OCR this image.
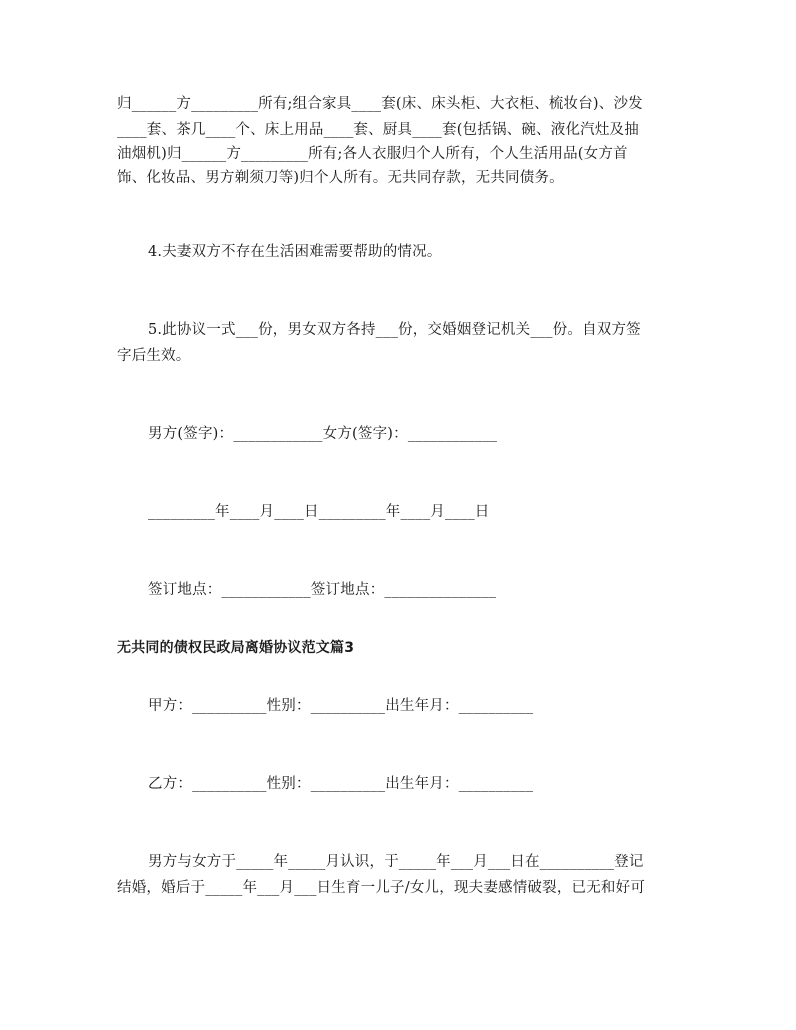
归______方_________所有;组合家具____套(床、床头柜、大衣柜、梳妆台)、沙发
____套、茶几____个、床上用品____套、厨具____套(包括锅、碗、液化汽灶及抽
油烟机)归______方_________所有;各人衣服归个人所有，个人生活用品(女方首
饰、化妆品、男方剃须刀等)归个人所有。无共同存款，无共同债务。
4.夫妻双方不存在生活困难需要帮助的情况。
5.此协议一式___份，男女双方各持___份，交婚姻登记机关___份。自双方签
字后生效。
男方(签字)：____________女方(签字)：____________
_________年____月____日_________年____月____日
签订地点：____________签订地点：_______________
无共同的债权民政局离婚协议范文篇3
甲方：__________性别：__________出生年月：__________
乙方：__________性别：__________出生年月：__________
男方与女方于_____年_____月认识，于_____年___月___日在__________登记
结婚，婚后于_____年___月___日生育一儿子/女儿，现夫妻感情破裂，已无和好可
